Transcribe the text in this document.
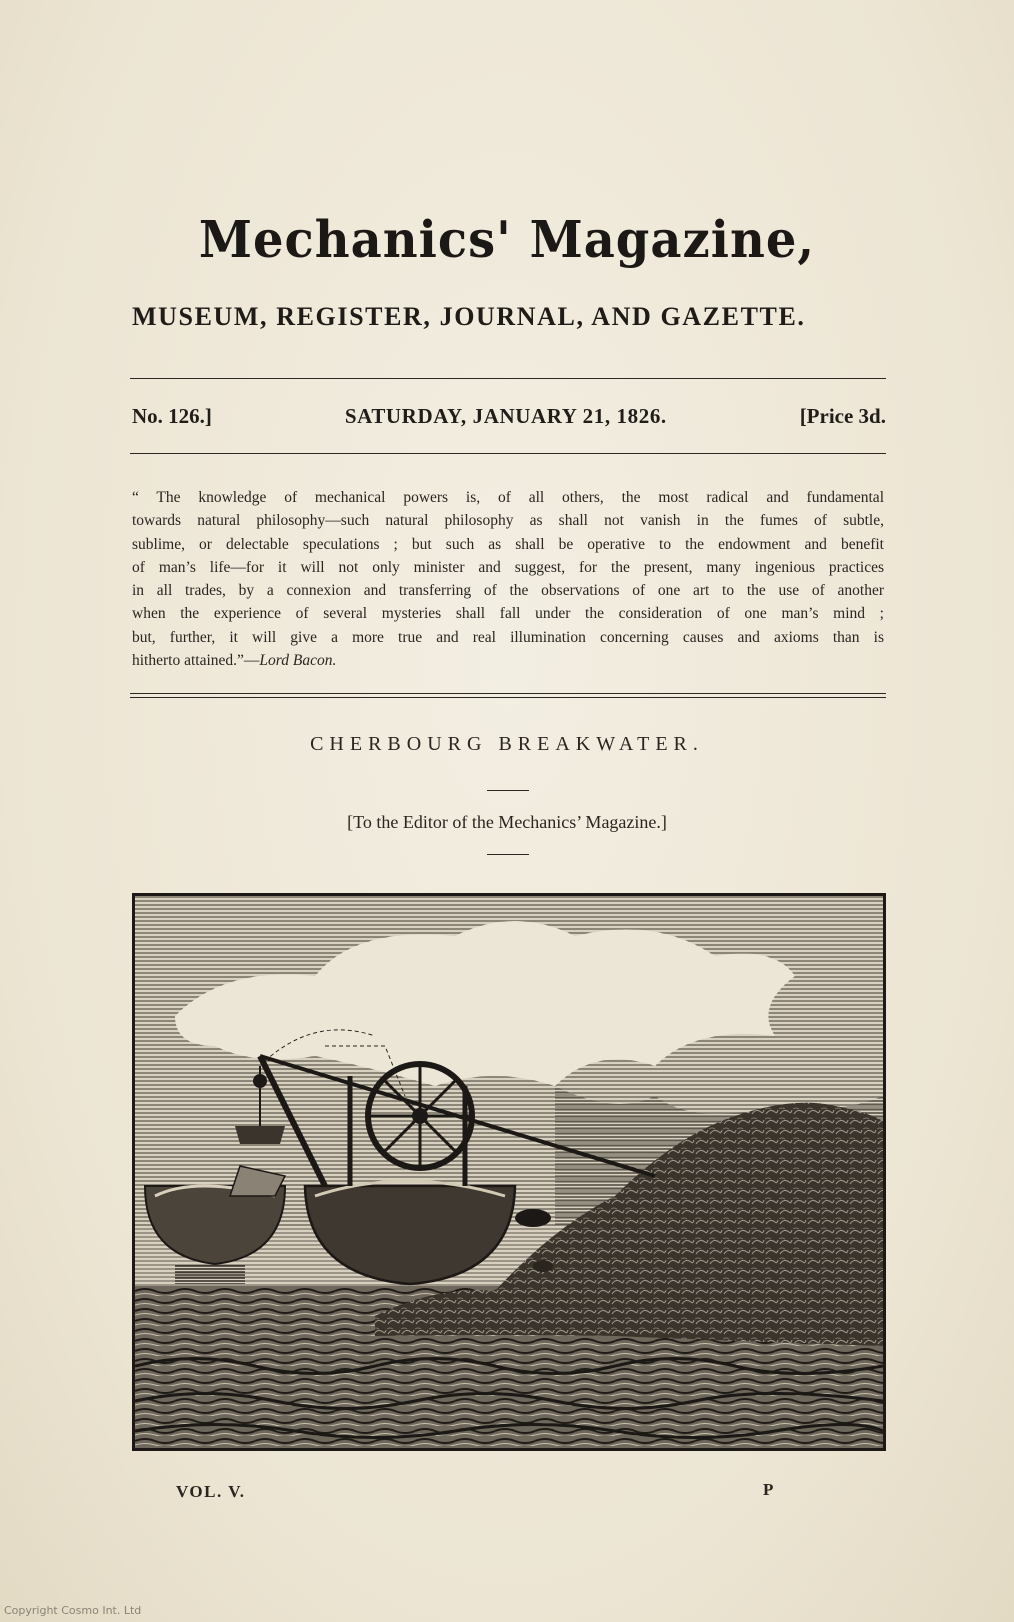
Mechanics' Magazine,
MUSEUM, REGISTER, JOURNAL, AND GAZETTE.
No. 126.]	SATURDAY, JANUARY 21, 1826.	[Price 3d.
“ The knowledge of mechanical powers is, of all others, the most radical and fundamental
towards natural philosophy—such natural philosophy as shall not vanish in the fumes of subtle,
sublime, or delectable speculations ; but such as shall be operative to the endowment and benefit
of man’s life—for it will not only minister and suggest, for the present, many ingenious practices
in all trades, by a connexion and transferring of the observations of one art to the use of another
when the experience of several mysteries shall fall under the consideration of one man’s mind ;
but, further, it will give a more true and real illumination concerning causes and axioms than is
hitherto attained.”—Lord Bacon.
CHERBOURG BREAKWATER.
[To the Editor of the Mechanics’ Magazine.]
VOL. V.	P
Copyright Cosmo Int. Ltd
